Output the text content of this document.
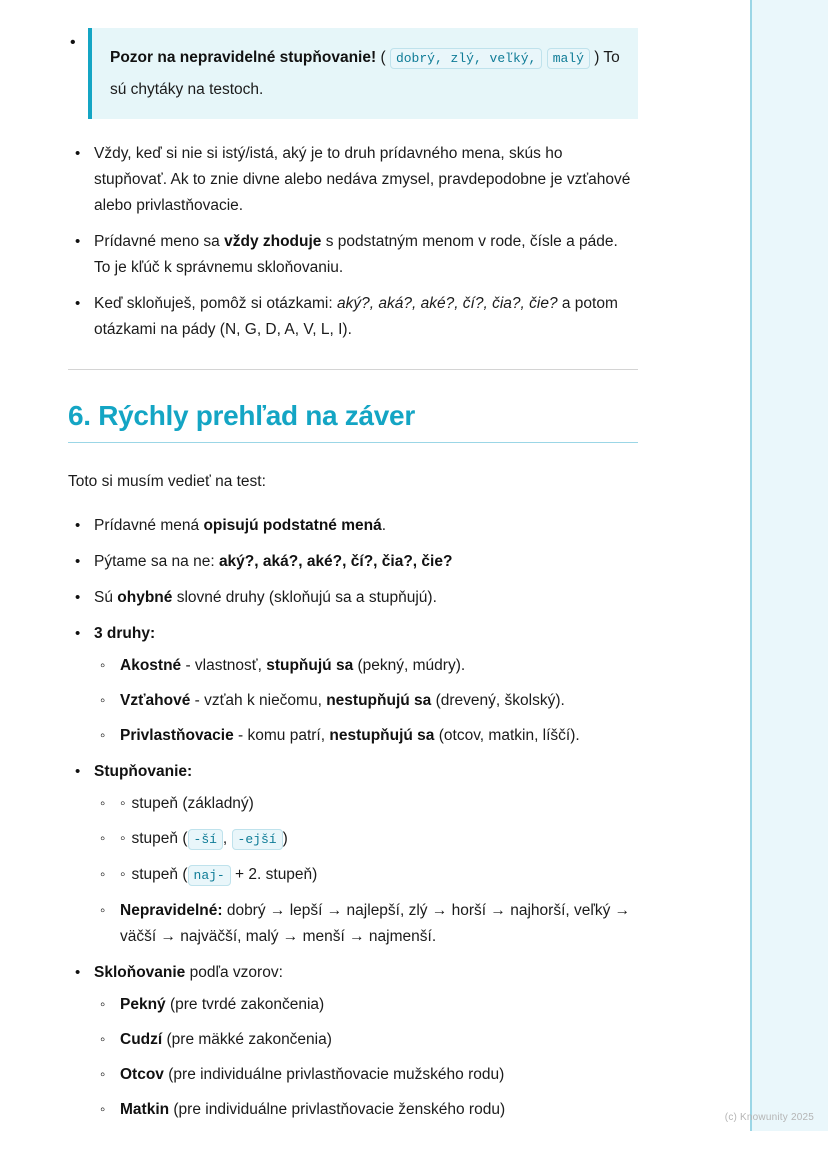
•
Pozor na nepravidelné stupňovanie! ( dobrý, zlý, veľký, malý ) To sú chytáky na testoch.
• Vždy, keď si nie si istý/istá, aký je to druh prídavného mena, skús ho stupňovať. Ak to znie divne alebo nedáva zmysel, pravdepodobne je vzťahové alebo privlastňovacie.
• Prídavné meno sa vždy zhoduje s podstatným menom v rode, čísle a páde. To je kľúč k správnemu skloňovaniu.
• Keď skloňuješ, pomôž si otázkami: aký?, aká?, aké?, čí?, čia?, čie? a potom otázkami na pády (N, G, D, A, V, L, I).
6. Rýchly prehľad na záver

Toto si musím vedieť na test:

• Prídavné mená opisujú podstatné mená.
• Pýtame sa na ne: aký?, aká?, aké?, čí?, čia?, čie?
• Sú ohybné slovné druhy (skloňujú sa a stupňujú).
• 3 druhy:
◦ Akostné - vlastnosť, stupňujú sa (pekný, múdry).
◦ Vzťahové - vzťah k niečomu, nestupňujú sa (drevený, školský).
◦ Privlastňovacie - komu patrí, nestupňujú sa (otcov, matkin, líščí).
• Stupňovanie:
◦ ◦ stupeň (základný)
◦ ◦ stupeň ( -ší , -ejší )
◦ ◦ stupeň ( naj- + 2. stupeň)
◦ Nepravidelné: dobrý → lepší → najlepší, zlý → horší → najhorší, veľký → väčší → najväčší, malý → menší → najmenší.
• Skloňovanie podľa vzorov:
◦ Pekný (pre tvrdé zakončenia)
◦ Cudzí (pre mäkké zakončenia)
◦ Otcov (pre individuálne privlastňovacie mužského rodu)
◦ Matkin (pre individuálne privlastňovacie ženského rodu)	(c) Knowunity 2025
